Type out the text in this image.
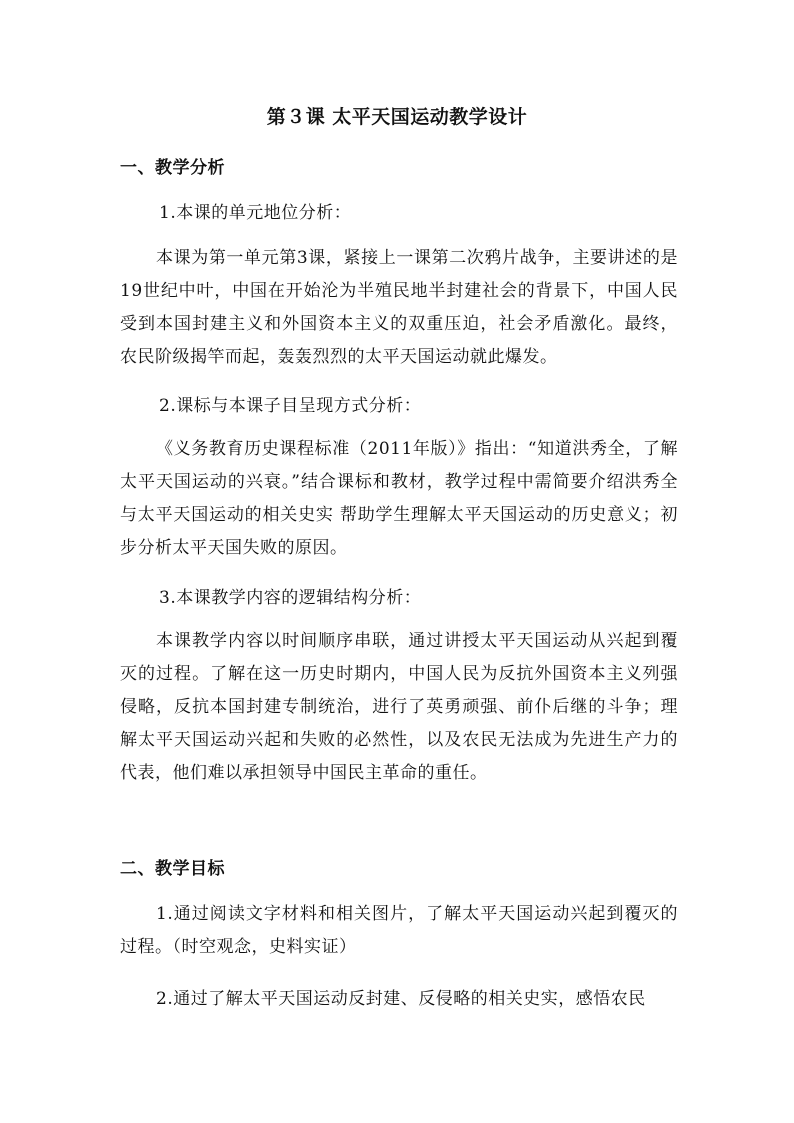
第３课 太平天国运动教学设计
一、教学分析
1.本课的单元地位分析：
本课为第一单元第3课，紧接上一课第二次鸦片战争，主要讲述的是19世纪中叶，中国在开始沦为半殖民地半封建社会的背景下，中国人民受到本国封建主义和外国资本主义的双重压迫，社会矛盾激化。最终，农民阶级揭竿而起，轰轰烈烈的太平天国运动就此爆发。
2.课标与本课子目呈现方式分析：
《义务教育历史课程标准（2011年版）》指出：“知道洪秀全，了解太平天国运动的兴衰。”结合课标和教材，教学过程中需简要介绍洪秀全与太平天国运动的相关史实 帮助学生理解太平天国运动的历史意义；初步分析太平天国失败的原因。
3.本课教学内容的逻辑结构分析：
本课教学内容以时间顺序串联，通过讲授太平天国运动从兴起到覆灭的过程。了解在这一历史时期内，中国人民为反抗外国资本主义列强侵略，反抗本国封建专制统治，进行了英勇顽强、前仆后继的斗争；理解太平天国运动兴起和失败的必然性，以及农民无法成为先进生产力的代表，他们难以承担领导中国民主革命的重任。
二、教学目标
1.通过阅读文字材料和相关图片，了解太平天国运动兴起到覆灭的过程。（时空观念，史料实证）
2.通过了解太平天国运动反封建、反侵略的相关史实，感悟农民
